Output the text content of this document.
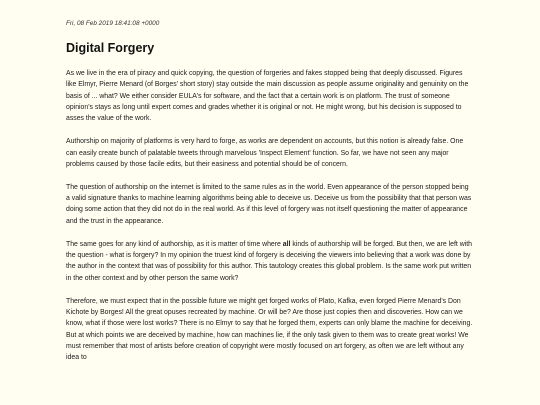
Fri, 08 Feb 2019 18:41:08 +0000
Digital Forgery

As we live in the era of piracy and quick copying, the question of forgeries and fakes stopped being that deeply discussed. Figures like Elmyr, Pierre Menard (of Borges' short story) stay outside the main discussion as people assume originality and genuinity on the basis of ... what? We either consider EULA's for software, and the fact that a certain work is on platform. The trust of someone opinion's stays as long until expert comes and grades whether it is original or not. He might wrong, but his decision is supposed to asses the value of the work.

Authorship on majority of platforms is very hard to forge, as works are dependent on accounts, but this notion is already false. One can easily create bunch of palatable tweets through marvelous 'Inspect Element' function. So far, we have not seen any major problems caused by those facile edits, but their easiness and potential should be of concern.

The question of authorship on the internet is limited to the same rules as in the world. Even appearance of the person stopped being a valid signature thanks to machine learning algorithms being able to deceive us. Deceive us from the possibility that that person was doing some action that they did not do in the real world. As if this level of forgery was not itself questioning the matter of appearance and the trust in the appearance.

The same goes for any kind of authorship, as it is matter of time where all kinds of authorship will be forged. But then, we are left with the question - what is forgery? In my opinion the truest kind of forgery is deceiving the viewers into believing that a work was done by the author in the context that was of possibility for this author. This tautology creates this global problem. Is the same work put written in the other context and by other person the same work?

Therefore, we must expect that in the possible future we might get forged works of Plato, Kafka, even forged Pierre Menard's Don Kichote by Borges! All the great opuses recreated by machine. Or will be? Are those just copies then and discoveries. How can we know, what if those were lost works? There is no Elmyr to say that he forged them, experts can only blame the machine for deceiving. But at which points we are deceived by machine, how can machines lie, if the only task given to them was to create great works! We must remember that most of artists before creation of copyright were mostly focused on art forgery, as often we are left without any idea to
